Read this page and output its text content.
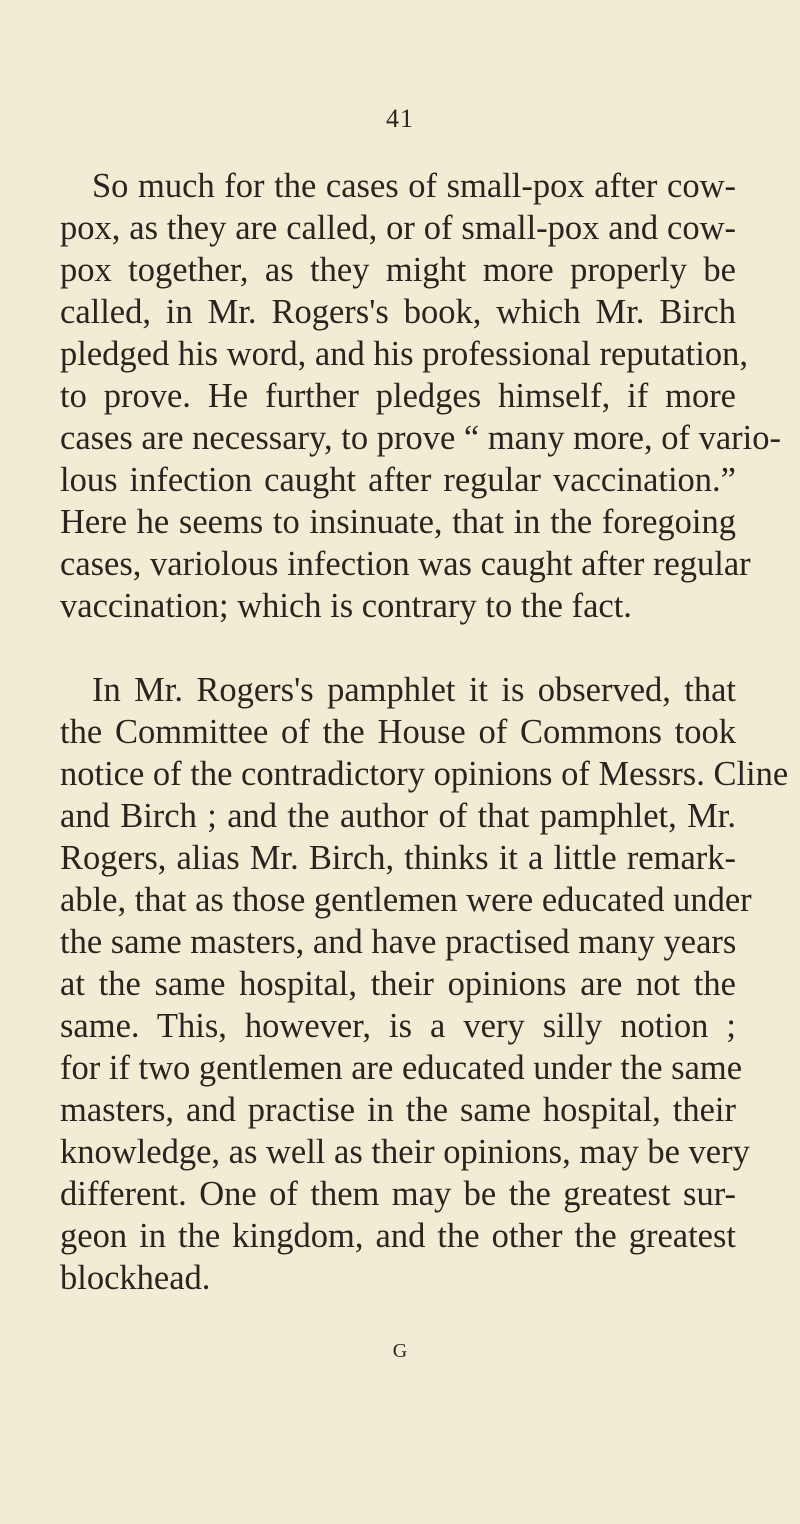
41

So much for the cases of small-pox after cow-

pox, as they are called, or of small-pox and cow-

pox together, as they might more properly be

called, in Mr. Rogers's book, which Mr. Birch

pledged his word, and his professional reputation,

to prove. He further pledges himself, if more

cases are necessary, to prove “ many more, of vario-

lous infection caught after regular vaccination.”

Here he seems to insinuate, that in the foregoing

cases, variolous infection was caught after regular

vaccination; which is contrary to the fact.

In Mr. Rogers's pamphlet it is observed, that

the Committee of the House of Commons took

notice of the contradictory opinions of Messrs. Cline

and Birch ; and the author of that pamphlet, Mr.

Rogers, alias Mr. Birch, thinks it a little remark-

able, that as those gentlemen were educated under

the same masters, and have practised many years

at the same hospital, their opinions are not the

same. This, however, is a very silly notion ;

for if two gentlemen are educated under the same

masters, and practise in the same hospital, their

knowledge, as well as their opinions, may be very

different. One of them may be the greatest sur-

geon in the kingdom, and the other the greatest

blockhead.

G
